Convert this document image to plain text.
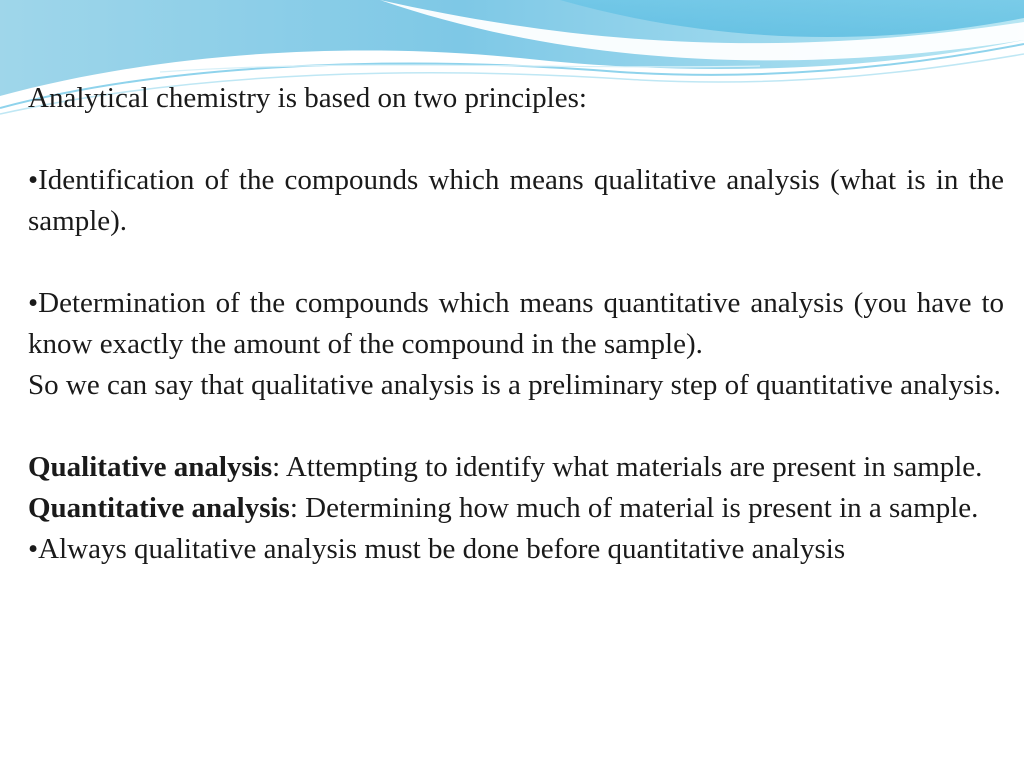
Analytical chemistry is based on two principles:

•Identification of the compounds which means qualitative analysis (what is in the sample).

•Determination of the compounds which means quantitative analysis (you have to know exactly the amount of the compound in the sample).

So we can say that qualitative analysis is a preliminary step of quantitative analysis.

Qualitative analysis: Attempting to identify what materials are present in sample.

Quantitative analysis: Determining how much of material is present in a sample.

•Always qualitative analysis must be done before quantitative analysis
